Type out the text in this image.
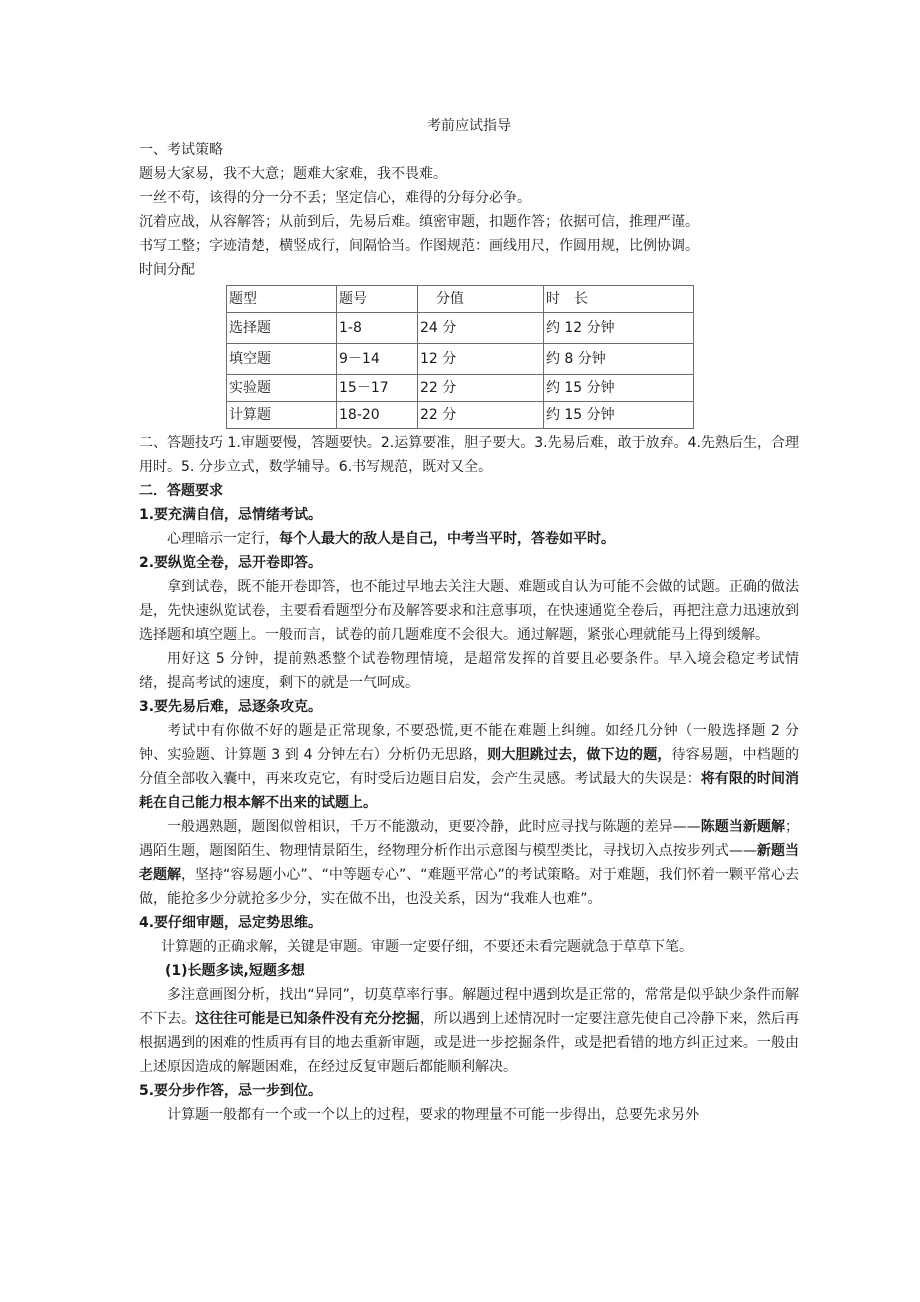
考前应试指导
一、考试策略
题易大家易，我不大意；题难大家难，我不畏难。
一丝不苟，该得的分一分不丢；坚定信心，难得的分每分必争。
沉着应战，从容解答；从前到后，先易后难。缜密审题，扣题作答；依据可信，推理严谨。
书写工整；字迹清楚，横竖成行，间隔恰当。作图规范：画线用尺，作圆用规，比例协调。
时间分配
题型	题号	分值	时　长
选择题	1-8	24 分	约 12 分钟
填空题	9－14	12 分	约 8 分钟
实验题	15－17	22 分	约 15 分钟
计算题	18-20	22 分	约 15 分钟
二、答题技巧 1.审题要慢，答题要快。2.运算要准，胆子要大。3.先易后难，敢于放弃。4.先熟后生，合理用时。5. 分步立式，数学辅导。6.书写规范，既对又全。
二．答题要求
1.要充满自信，忌情绪考试。
心理暗示一定行，每个人最大的敌人是自己，中考当平时，答卷如平时。
2.要纵览全卷，忌开卷即答。
拿到试卷，既不能开卷即答，也不能过早地去关注大题、难题或自认为可能不会做的试题。正确的做法是，先快速纵览试卷，主要看看题型分布及解答要求和注意事项，在快速通览全卷后，再把注意力迅速放到选择题和填空题上。一般而言，试卷的前几题难度不会很大。通过解题，紧张心理就能马上得到缓解。
用好这 5 分钟，提前熟悉整个试卷物理情境，是超常发挥的首要且必要条件。早入境会稳定考试情绪，提高考试的速度，剩下的就是一气呵成。
3.要先易后难，忌逐条攻克。
考试中有你做不好的题是正常现象, 不要恐慌,更不能在难题上纠缠。如经几分钟（一般选择题 2 分钟、实验题、计算题 3 到 4 分钟左右）分析仍无思路，则大胆跳过去，做下边的题，待容易题，中档题的分值全部收入囊中，再来攻克它，有时受后边题目启发，会产生灵感。考试最大的失误是：将有限的时间消耗在自己能力根本解不出来的试题上。
一般遇熟题，题图似曾相识，千万不能激动，更要冷静，此时应寻找与陈题的差异——陈题当新题解；遇陌生题，题图陌生、物理情景陌生，经物理分析作出示意图与模型类比，寻找切入点按步列式——新题当老题解，坚持“容易题小心”、“中等题专心”、“难题平常心”的考试策略。对于难题，我们怀着一颗平常心去做，能抢多少分就抢多少分，实在做不出，也没关系，因为“我难人也难”。
4.要仔细审题，忌定势思维。
计算题的正确求解，关键是审题。审题一定要仔细，不要还未看完题就急于草草下笔。
(1)长题多读,短题多想
多注意画图分析，找出“异同”，切莫草率行事。解题过程中遇到坎是正常的，常常是似乎缺少条件而解不下去。这往往可能是已知条件没有充分挖掘，所以遇到上述情况时一定要注意先使自己冷静下来，然后再根据遇到的困难的性质再有目的地去重新审题，或是进一步挖掘条件，或是把看错的地方纠正过来。一般由上述原因造成的解题困难，在经过反复审题后都能顺利解决。
5.要分步作答，忌一步到位。
计算题一般都有一个或一个以上的过程，要求的物理量不可能一步得出，总要先求另外
